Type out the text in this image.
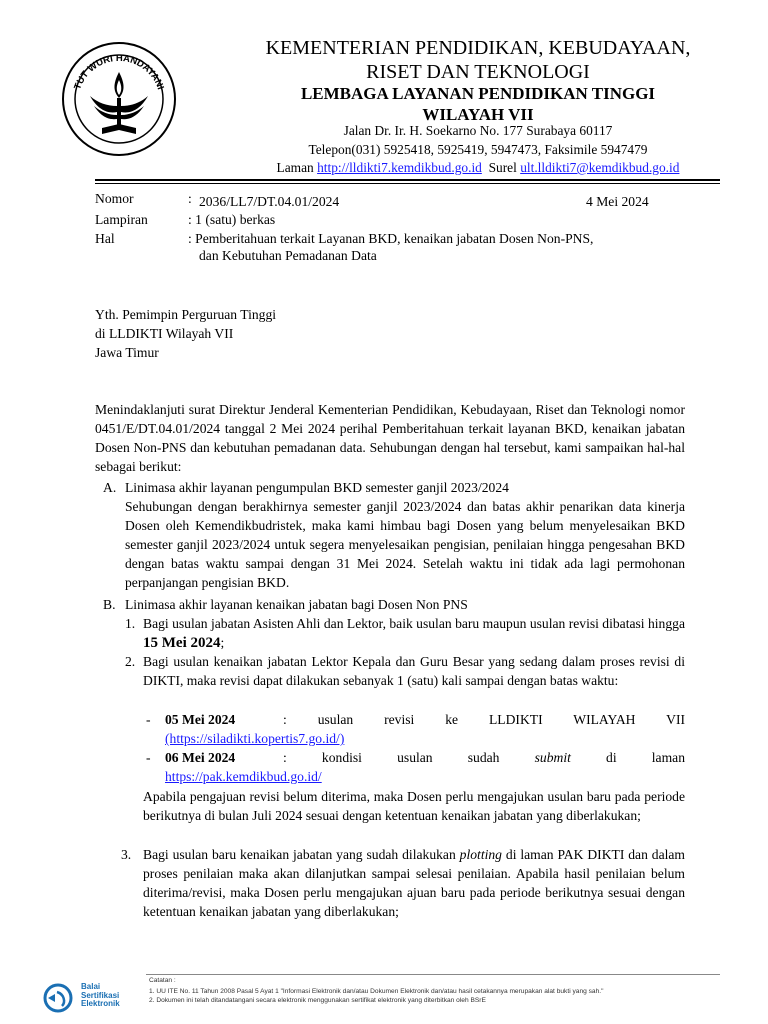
TUT WURI HANDAYANI
KEMENTERIAN PENDIDIKAN, KEBUDAYAAN,
RISET DAN TEKNOLOGI
LEMBAGA LAYANAN PENDIDIKAN TINGGI
WILAYAH VII
Jalan Dr. Ir. H. Soekarno No. 177 Surabaya 60117
Telepon(031) 5925418, 5925419, 5947473, Faksimile 5947479
Laman http://lldikti7.kemdikbud.go.id Surel ult.lldikti7@kemdikbud.go.id
Nomor	: 2036/LL7/DT.04.01/2024	4 Mei 2024
Lampiran	: 1 (satu) berkas
Hal	: Pemberitahuan terkait Layanan BKD, kenaikan jabatan Dosen Non-PNS,
dan Kebutuhan Pemadanan Data
Yth. Pemimpin Perguruan Tinggi
di LLDIKTI Wilayah VII
Jawa Timur
Menindaklanjuti surat Direktur Jenderal Kementerian Pendidikan, Kebudayaan, Riset dan Teknologi nomor 0451/E/DT.04.01/2024 tanggal 2 Mei 2024 perihal Pemberitahuan terkait layanan BKD, kenaikan jabatan Dosen Non-PNS dan kebutuhan pemadanan data. Sehubungan dengan hal tersebut, kami sampaikan hal-hal sebagai berikut:
A. Linimasa akhir layanan pengumpulan BKD semester ganjil 2023/2024
Sehubungan dengan berakhirnya semester ganjil 2023/2024 dan batas akhir penarikan data kinerja Dosen oleh Kemendikbudristek, maka kami himbau bagi Dosen yang belum menyelesaikan BKD semester ganjil 2023/2024 untuk segera menyelesaikan pengisian, penilaian hingga pengesahan BKD dengan batas waktu sampai dengan 31 Mei 2024. Setelah waktu ini tidak ada lagi permohonan perpanjangan pengisian BKD.
B. Linimasa akhir layanan kenaikan jabatan bagi Dosen Non PNS
1. Bagi usulan jabatan Asisten Ahli dan Lektor, baik usulan baru maupun usulan revisi dibatasi hingga 15 Mei 2024;
2. Bagi usulan kenaikan jabatan Lektor Kepala dan Guru Besar yang sedang dalam proses revisi di DIKTI, maka revisi dapat dilakukan sebanyak 1 (satu) kali sampai dengan batas waktu:
- 05 Mei 2024	: usulan revisi ke LLDIKTI WILAYAH VII
(https://siladikti.kopertis7.go.id/)
- 06 Mei 2024	: kondisi usulan sudah	submit	di laman
https://pak.kemdikbud.go.id/
Apabila pengajuan revisi belum diterima, maka Dosen perlu mengajukan usulan baru pada periode berikutnya di bulan Juli 2024 sesuai dengan ketentuan kenaikan jabatan yang diberlakukan;
3. Bagi usulan baru kenaikan jabatan yang sudah dilakukan plotting di laman PAK DIKTI dan dalam proses penilaian maka akan dilanjutkan sampai selesai penilaian. Apabila hasil penilaian belum diterima/revisi, maka Dosen perlu mengajukan ajuan baru pada periode berikutnya sesuai dengan ketentuan kenaikan jabatan yang diberlakukan;
Balai
Sertifikasi
Elektronik
Catatan :
1. UU ITE No. 11 Tahun 2008 Pasal 5 Ayat 1 "Informasi Elektronik dan/atau Dokumen Elektronik dan/atau hasil cetakannya merupakan alat bukti yang sah."
2. Dokumen ini telah ditandatangani secara elektronik menggunakan sertifikat elektronik yang diterbitkan oleh BSrE
